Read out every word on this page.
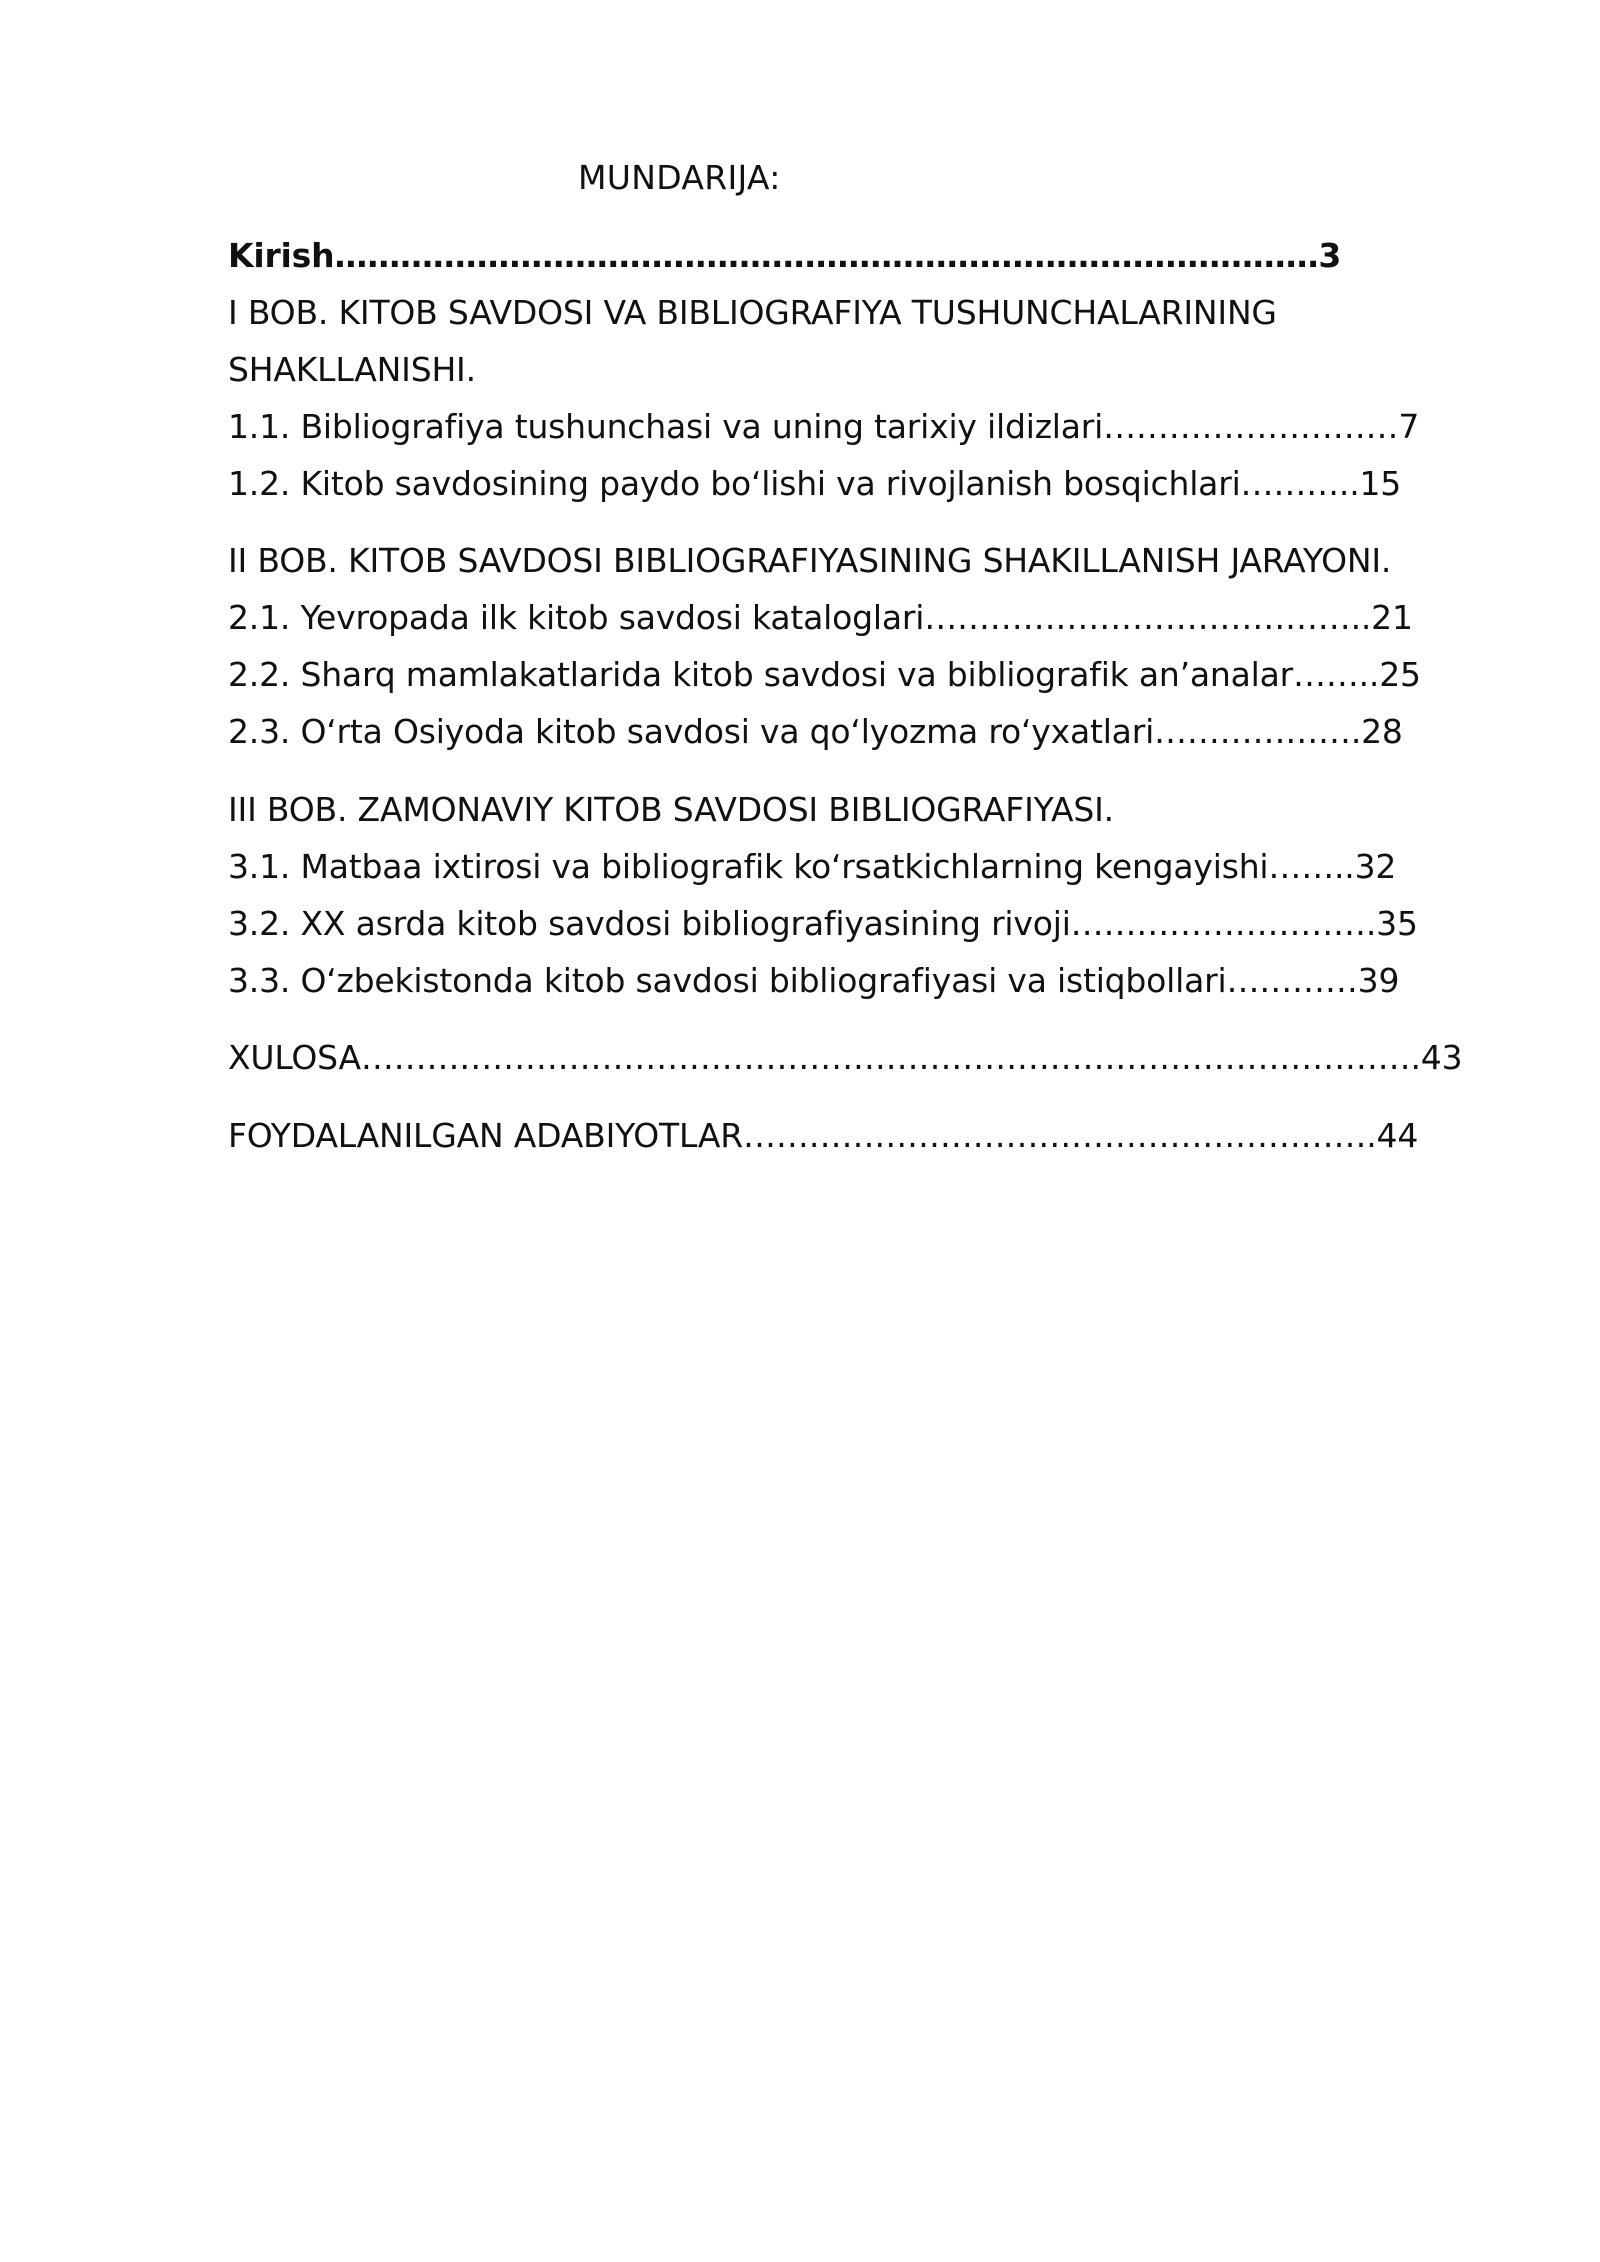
MUNDARIJA:
Kirish………………………………………………………………………………3
I BOB. KITOB SAVDOSI VA BIBLIOGRAFIYA TUSHUNCHALARINING
SHAKLLANISHI.
1.1. Bibliografiya tushunchasi va uning tarixiy ildizlari………………………7
1.2. Kitob savdosining paydo bo‘lishi va rivojlanish bosqichlari………..15
II BOB. KITOB SAVDOSI BIBLIOGRAFIYASINING SHAKILLANISH JARAYONI.
2.1. Yevropada ilk kitob savdosi kataloglari…………………………………..21
2.2. Sharq mamlakatlarida kitob savdosi va bibliografik an’analar……..25
2.3. O‘rta Osiyoda kitob savdosi va qo‘lyozma ro‘yxatlari……………….28
III BOB. ZAMONAVIY KITOB SAVDOSI BIBLIOGRAFIYASI.
3.1. Matbaa ixtirosi va bibliografik ko‘rsatkichlarning kengayishi……..32
3.2. XX asrda kitob savdosi bibliografiyasining rivoji……………………….35
3.3. O‘zbekistonda kitob savdosi bibliografiyasi va istiqbollari…………39
XULOSA…………………………………………………………………………………….43
FOYDALANILGAN ADABIYOTLAR………………………………………………….44
